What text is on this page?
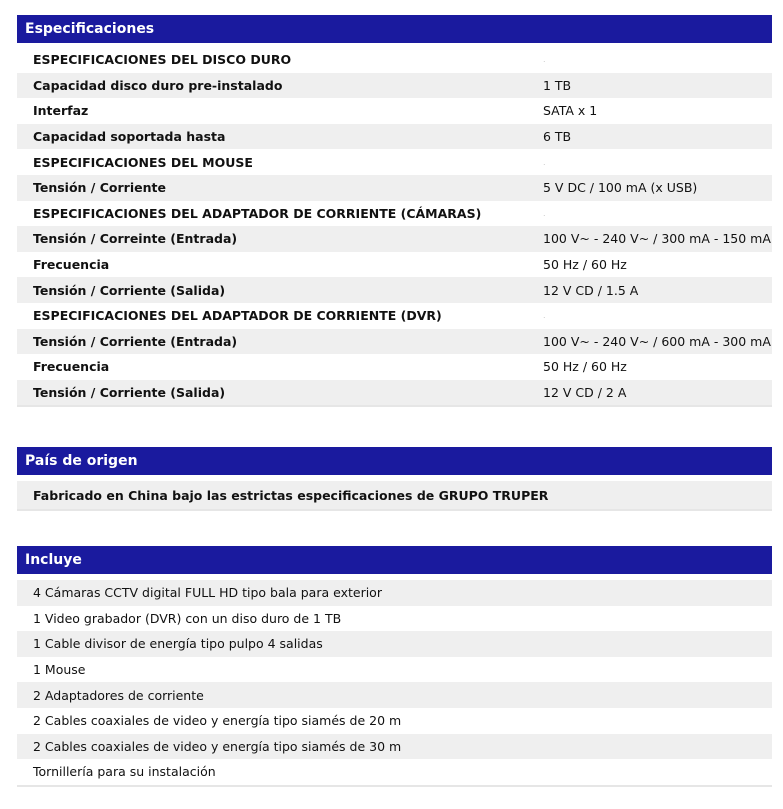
Especificaciones
ESPECIFICACIONES DEL DISCO DURO	.
Capacidad disco duro pre-instalado	1 TB
Interfaz	SATA x 1
Capacidad soportada hasta	6 TB
ESPECIFICACIONES DEL MOUSE	.
Tensión / Corriente	5 V DC / 100 mA (x USB)
ESPECIFICACIONES DEL ADAPTADOR DE CORRIENTE (CÁMARAS)	.
Tensión / Correinte (Entrada)	100 V~ - 240 V~ / 300 mA - 150 mA
Frecuencia	50 Hz / 60 Hz
Tensión / Corriente (Salida)	12 V CD / 1.5 A
ESPECIFICACIONES DEL ADAPTADOR DE CORRIENTE (DVR)	.
Tensión / Corriente (Entrada)	100 V~ - 240 V~ / 600 mA - 300 mA
Frecuencia	50 Hz / 60 Hz
Tensión / Corriente (Salida)	12 V CD / 2 A
País de origen
Fabricado en China bajo las estrictas especificaciones de GRUPO TRUPER
Incluye
4 Cámaras CCTV digital FULL HD tipo bala para exterior
1 Video grabador (DVR) con un diso duro de 1 TB
1 Cable divisor de energía tipo pulpo 4 salidas
1 Mouse
2 Adaptadores de corriente
2 Cables coaxiales de video y energía tipo siamés de 20 m
2 Cables coaxiales de video y energía tipo siamés de 30 m
Tornillería para su instalación
